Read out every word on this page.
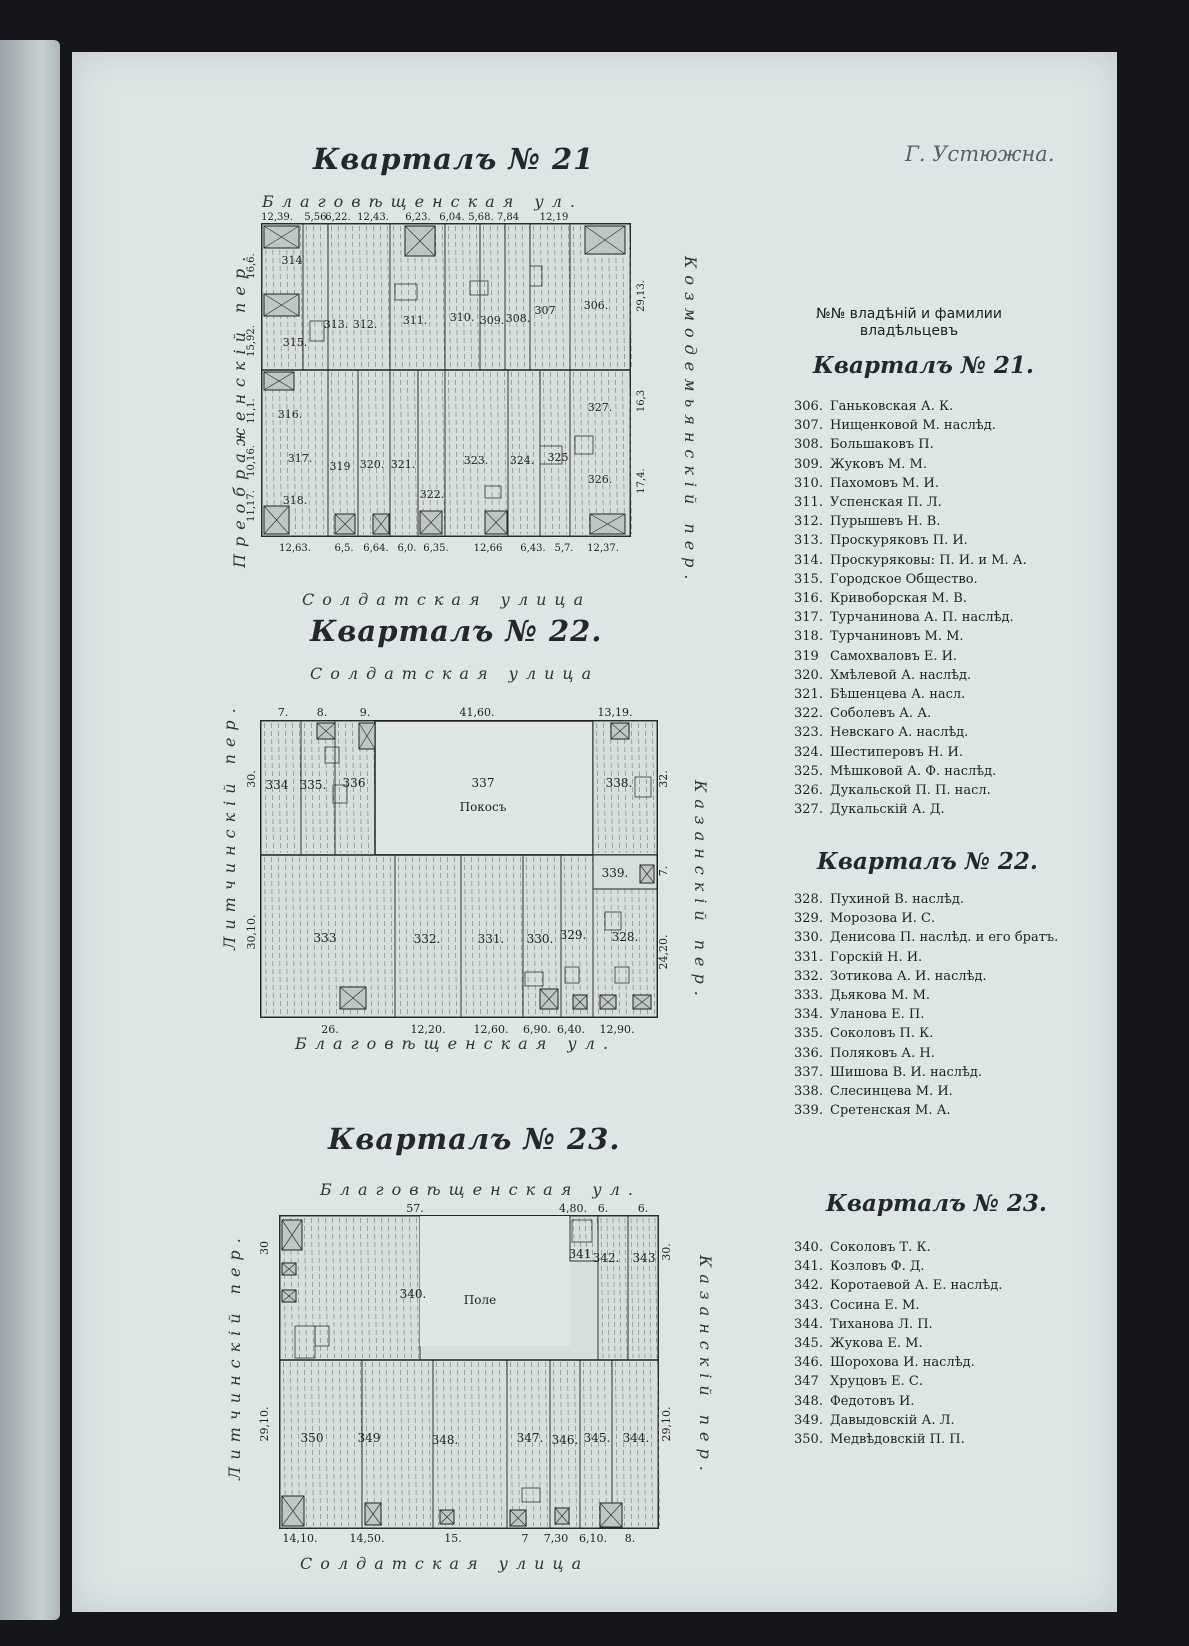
Г. Устюжна.
Кварталъ № 21
Благовѣщенская ул.
Солдатская улица
Преображенскій пер.	Козмодемьянскій пер.
314
315.
313. 312. 311. 310. 309. 308.
307	306.
316.
317.
318.
319 320. 321.
322.
323. 324. 325
326.
327.
12,39. 5,56.
6,22. 12,43. 6,23. 6,04. 5,68. 7,84 12,19
12,63. 6,5. 6,64. 6,0. 6,35. 12,66 6,43. 5,7. 12,37.
16,6.
15,92.
11,1.
10,16.
11,17.
29,13.
16,3
17,4.
Кварталъ № 22.
Солдатская улица
Благовѣщенская ул.
Литчинскій пер.	Казанскій пер.
334 335. 336	337
Покосъ
338.
333	332.	331. 330. 329. 328.
339.
7.	8.	9.	41,60.	13,19.
26.	12,20.	12,60. 6,90. 6,40. 12,90.
30.
30,10.
32.
7.
24,20.
Кварталъ № 23.
Благовѣщенская ул.
Солдатская улица
Литчинскій пер.	Казанскій пер.
340.	Поле
341 342. 343
350	349	348.	347. 346. 345. 344.
57.	4,80. 6.	6.
14,10.	14,50.	15.	7 7,30 6,10. 8.
30
29,10.
30.
29,10.
№№ владѣній и фамилии владѣльцевъ
Кварталъ № 21.
306. Ганьковская А. К.
307. Нищенковой М. наслѣд.
308. Большаковъ П.
309. Жуковъ М. М.
310. Пахомовъ М. И.
311. Успенская П. Л.
312. Пурышевъ Н. В.
313. Проскуряковъ П. И.
314. Проскуряковы: П. И. и М. А.
315. Городское Общество.
316. Кривоборская М. В.
317. Турчанинова А. П. наслѣд.
318. Турчаниновъ М. М.
319 Самохваловъ Е. И.
320. Хмѣлевой А. наслѣд.
321. Бѣшенцева А. насл.
322. Соболевъ А. А.
323. Невскаго А. наслѣд.
324. Шестиперовъ Н. И.
325. Мѣшковой А. Ф. наслѣд.
326. Дукальской П. П. насл.
327. Дукальскій А. Д.
Кварталъ № 22.
328. Пухиной В. наслѣд.
329. Морозова И. С.
330. Денисова П. наслѣд. и его братъ.
331. Горскій Н. И.
332. Зотикова А. И. наслѣд.
333. Дьякова М. М.
334. Уланова Е. П.
335. Соколовъ П. К.
336. Поляковъ А. Н.
337. Шишова В. И. наслѣд.
338. Слесинцева М. И.
339. Сретенская М. А.
Кварталъ № 23.
340. Соколовъ Т. К.
341. Козловъ Ф. Д.
342. Коротаевой А. Е. наслѣд.
343. Сосина Е. М.
344. Тиханова Л. П.
345. Жукова Е. М.
346. Шорохова И. наслѣд.
347 Хруцовъ Е. С.
348. Федотовъ И.
349. Давыдовскій А. Л.
350. Медвѣдовскій П. П.
